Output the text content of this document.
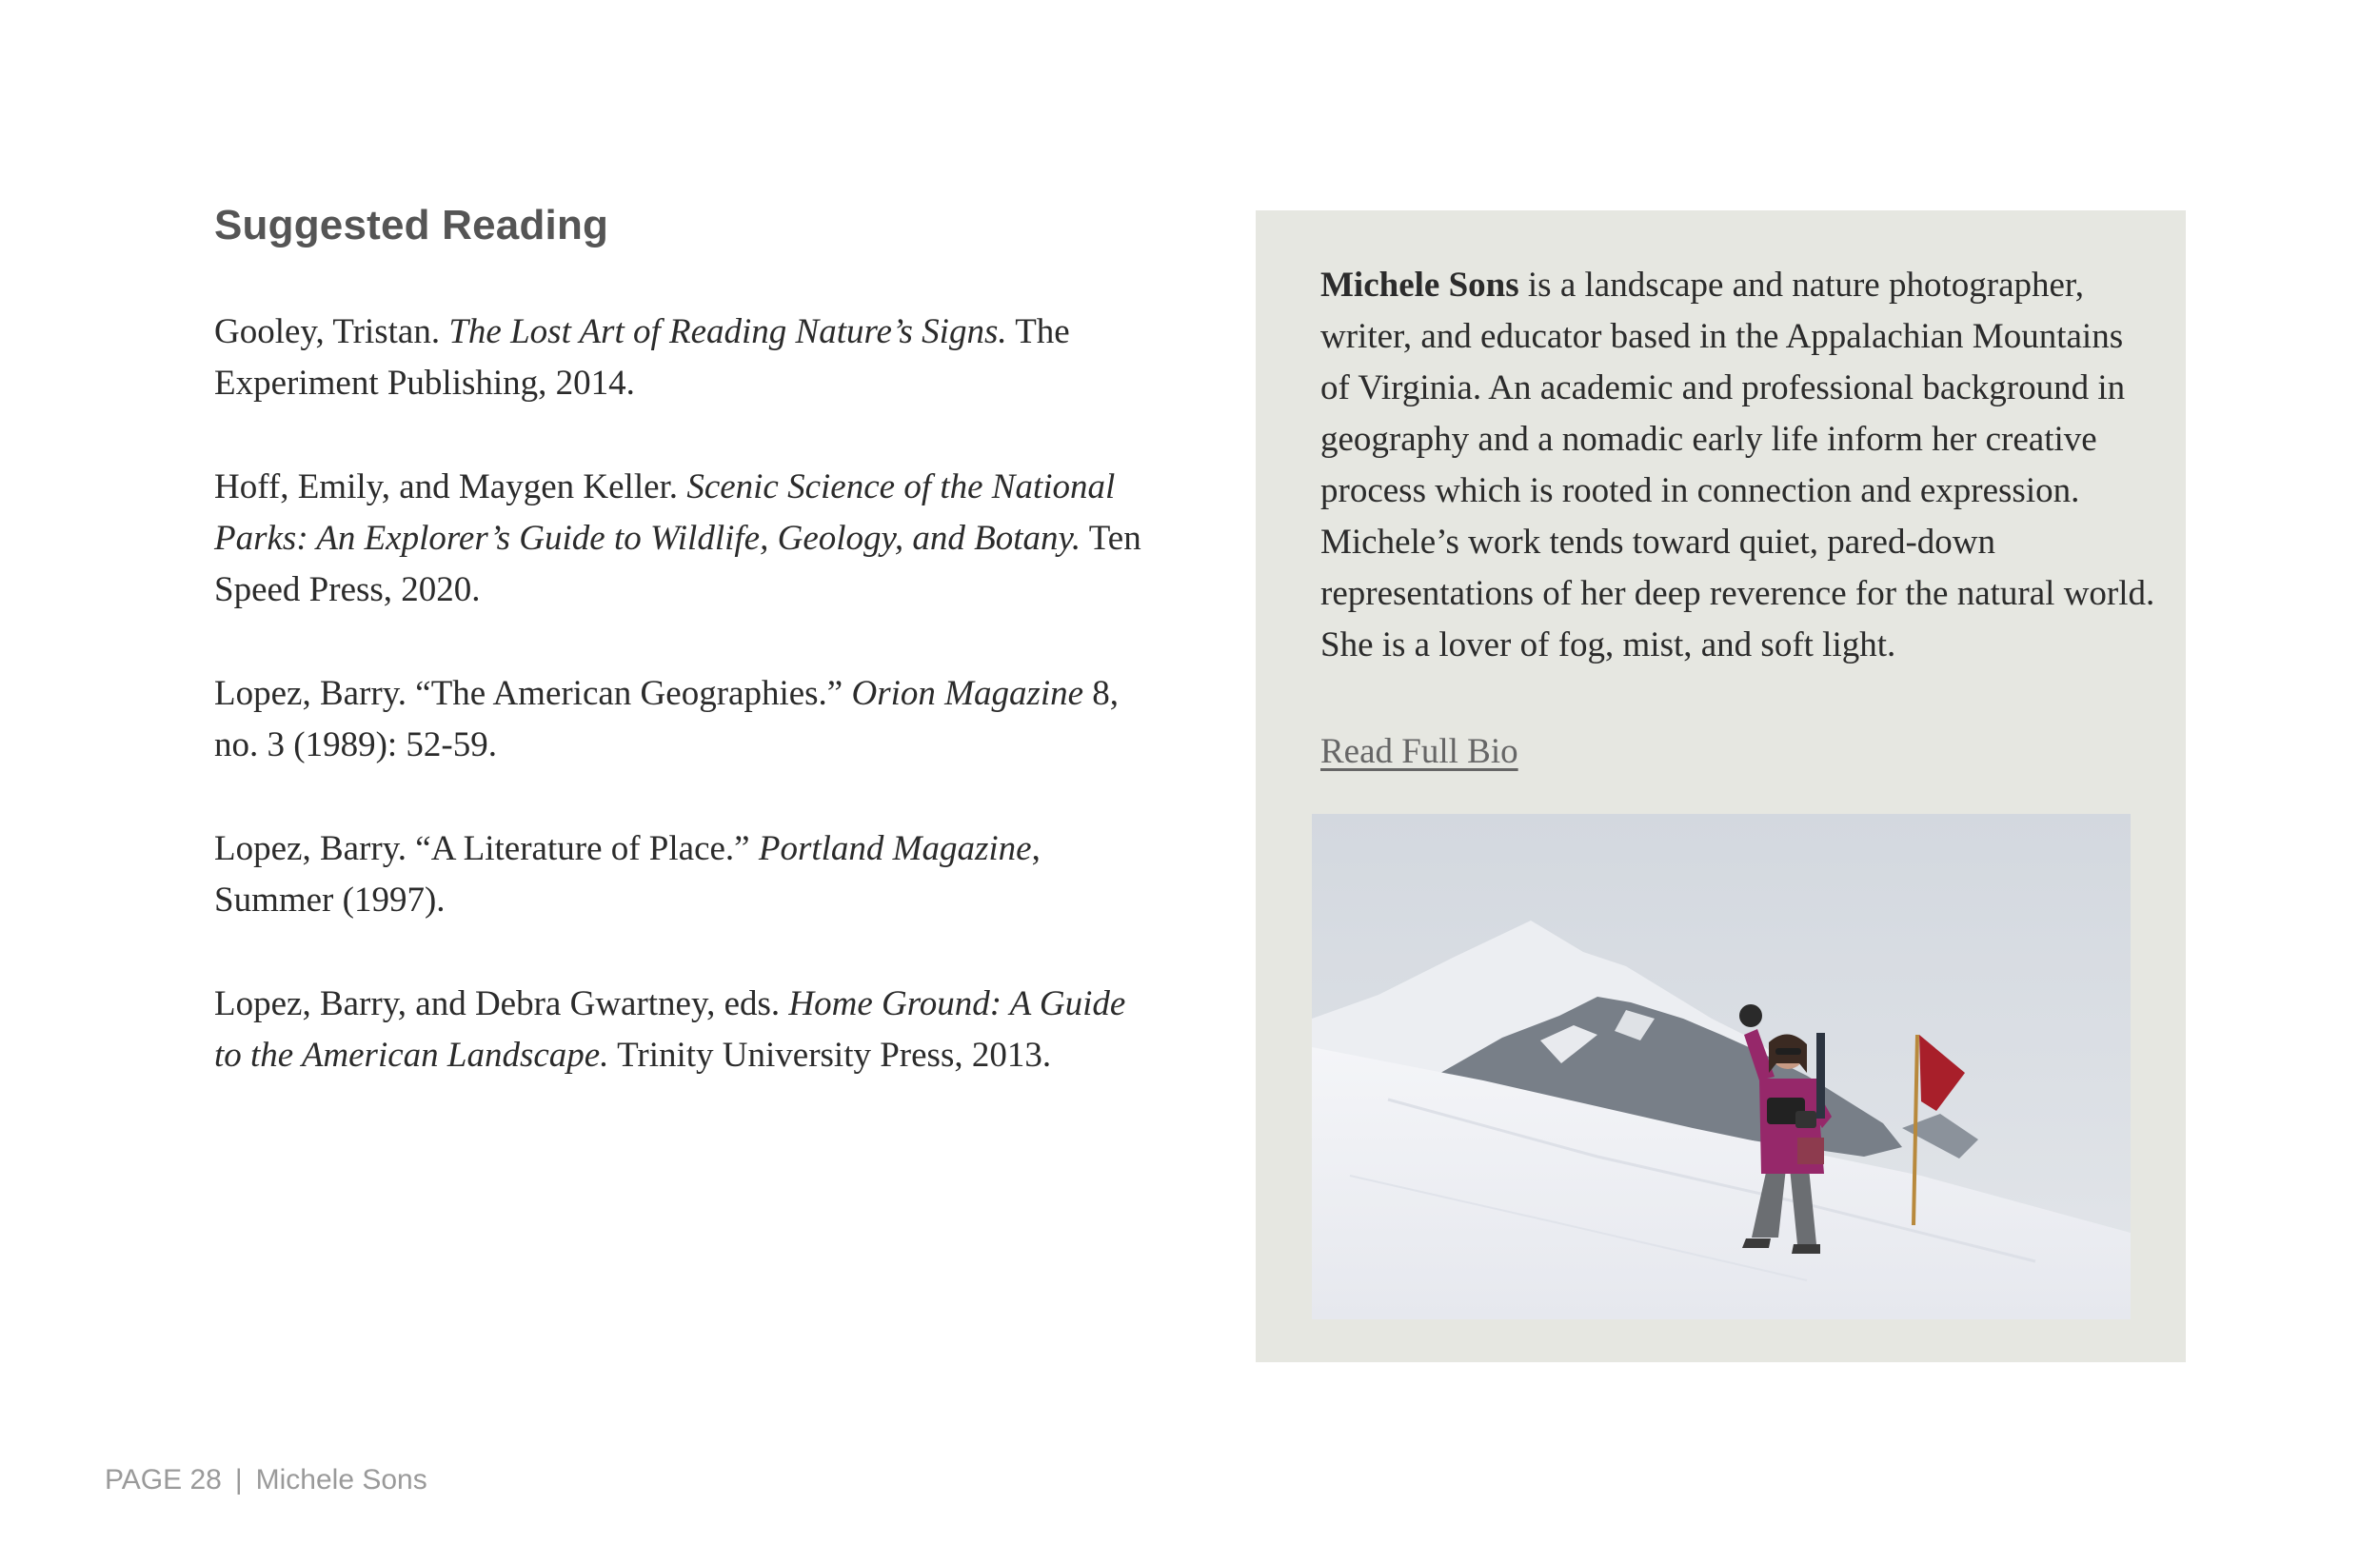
Suggested Reading

Gooley, Tristan. The Lost Art of Reading Nature’s Signs. The Experiment Publishing, 2014.

Hoff, Emily, and Maygen Keller. Scenic Science of the National Parks: An Explorer’s Guide to Wildlife, Geology, and Botany. Ten Speed Press, 2020.

Lopez, Barry. “The American Geographies.” Orion Magazine 8, no. 3 (1989): 52-59.

Lopez, Barry. “A Literature of Place.” Portland Magazine, Summer (1997).

Lopez, Barry, and Debra Gwartney, eds. Home Ground: A Guide to the American Landscape. Trinity University Press, 2013.

Michele Sons is a landscape and nature photographer, writer, and educator based in the Appalachian Mountains of Virginia. An academic and professional background in geography and a nomadic early life inform her creative process which is rooted in connection and expression. Michele’s work tends toward quiet, pared-down representations of her deep reverence for the natural world. She is a lover of fog, mist, and soft light.

Read Full Bio
PAGE 28 | Michele Sons
